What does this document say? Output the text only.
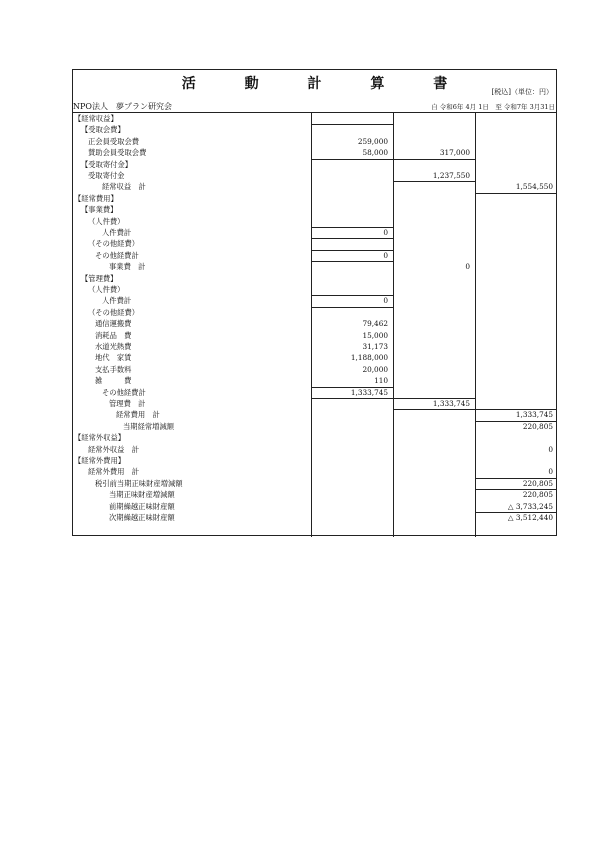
活 動 計 算 書	[税込]（単位：円）
NPO法人　夢プラン研究会	自 令和6年 4月 1日　至 令和7年 3月31日
【経常収益】
【受取会費】
正会員受取会費	259,000
賛助会員受取会費	58,000	317,000
【受取寄付金】
受取寄付金	1,237,550
経常収益　計	1,554,550
【経常費用】
【事業費】
（人件費）
人件費計	0
（その他経費）
その他経費計	0
事業費　計	0
【管理費】
（人件費）
人件費計	0
（その他経費）
通信運搬費	79,462
消耗品　費	15,000
水道光熱費	31,173
地代　家賃	1,188,000
支払手数料	20,000
雑　　　費	110
その他経費計	1,333,745
管理費　計	1,333,745
経常費用　計	1,333,745
当期経常増減額	220,805
【経常外収益】
経常外収益　計	0
【経常外費用】
経常外費用　計	0
税引前当期正味財産増減額	220,805
当期正味財産増減額	220,805
前期繰越正味財産額	△ 3,733,245
次期繰越正味財産額	△ 3,512,440
